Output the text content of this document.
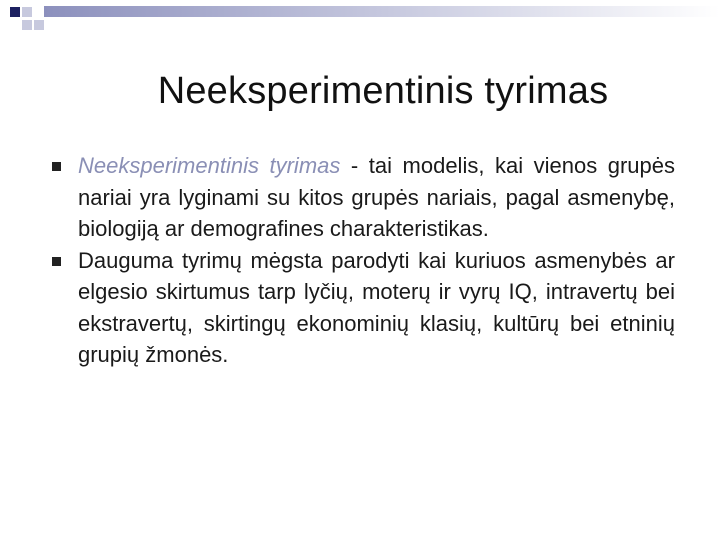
Neeksperimentinis tyrimas
Neeksperimentinis tyrimas - tai modelis, kai vienos grupės nariai yra lyginami su kitos grupės nariais, pagal asmenybę, biologiją ar demografines charakteristikas.
Dauguma tyrimų mėgsta parodyti kai kuriuos asmenybės ar elgesio skirtumus tarp lyčių, moterų ir vyrų IQ, intravertų bei ekstravertų, skirtingų ekonominių klasių, kultūrų bei etninių grupių žmonės.
